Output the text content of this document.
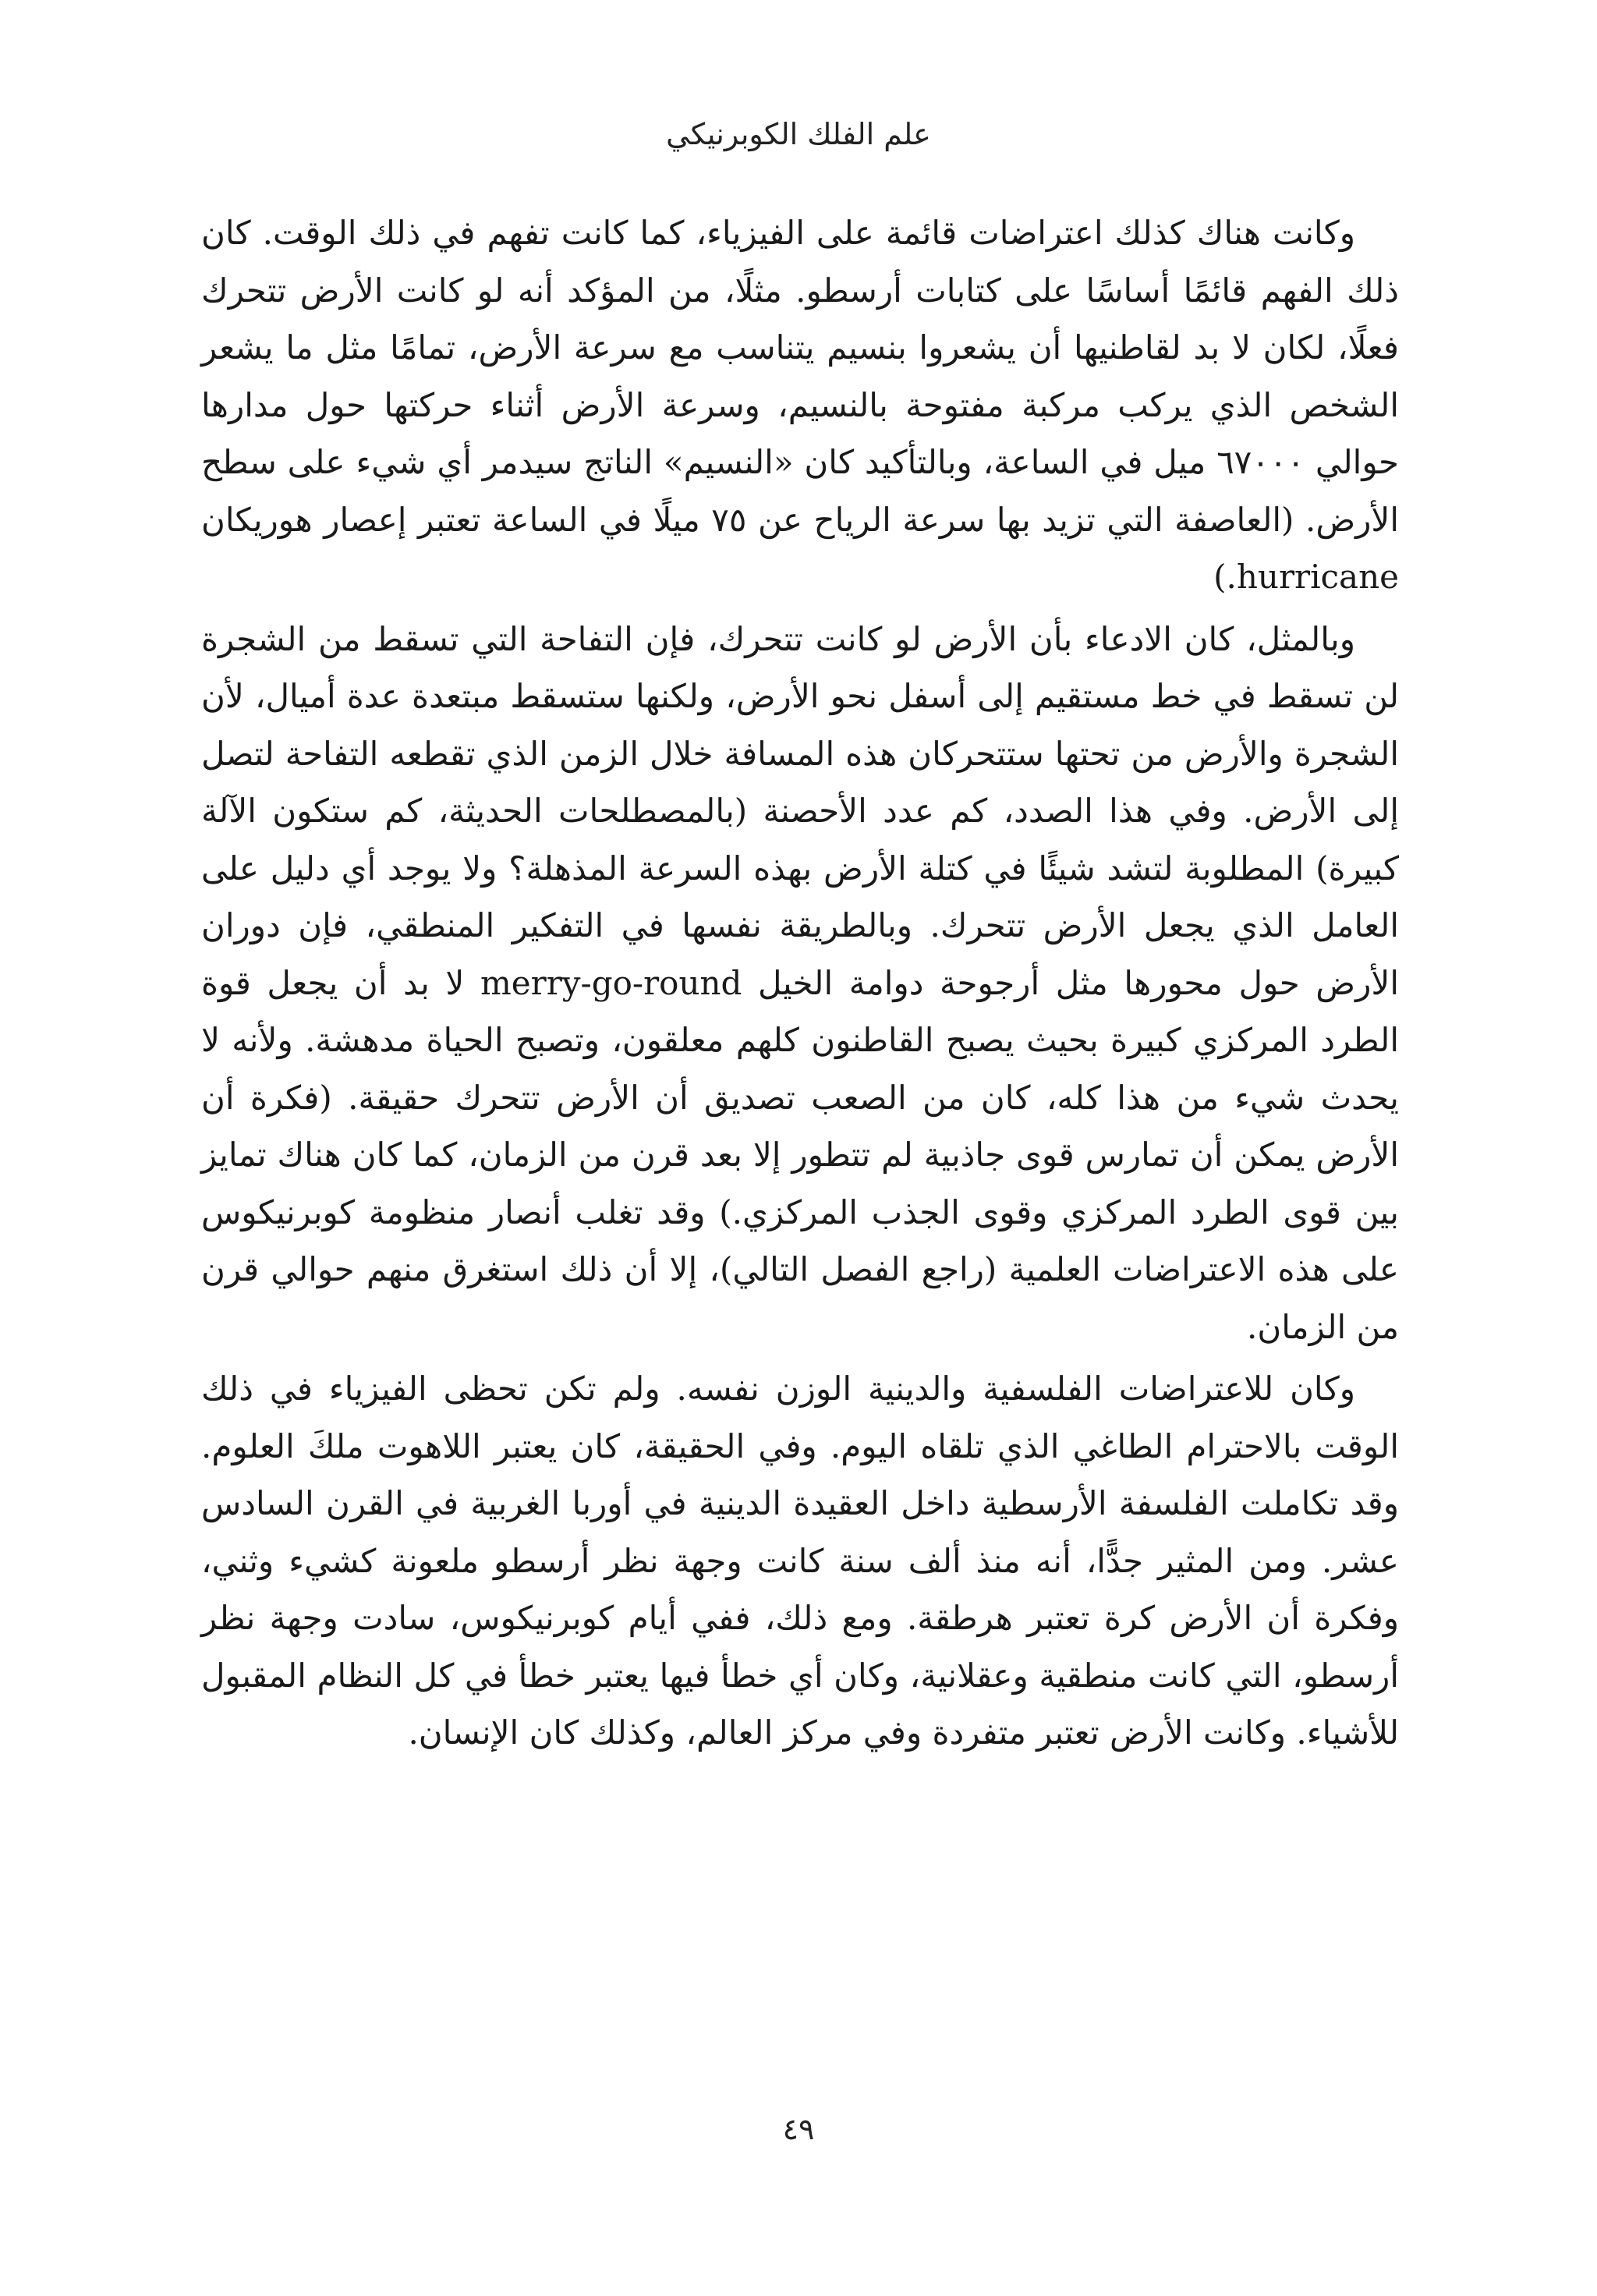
علم الفلك الكوبرنيكي

وكانت هناك كذلك اعتراضات قائمة على الفيزياء، كما كانت تفهم في ذلك الوقت. كان ذلك الفهم قائمًا أساسًا على كتابات أرسطو. مثلًا، من المؤكد أنه لو كانت الأرض تتحرك فعلًا، لكان لا بد لقاطنيها أن يشعروا بنسيم يتناسب مع سرعة الأرض، تمامًا مثل ما يشعر الشخص الذي يركب مركبة مفتوحة بالنسيم، وسرعة الأرض أثناء حركتها حول مدارها حوالي ٦٧٠٠٠ ميل في الساعة، وبالتأكيد كان «النسيم» الناتج سيدمر أي شيء على سطح الأرض. (العاصفة التي تزيد بها سرعة الرياح عن ٧٥ ميلًا في الساعة تعتبر إعصار هوريكان hurricane.)

وبالمثل، كان الادعاء بأن الأرض لو كانت تتحرك، فإن التفاحة التي تسقط من الشجرة لن تسقط في خط مستقيم إلى أسفل نحو الأرض، ولكنها ستسقط مبتعدة عدة أميال، لأن الشجرة والأرض من تحتها ستتحركان هذه المسافة خلال الزمن الذي تقطعه التفاحة لتصل إلى الأرض. وفي هذا الصدد، كم عدد الأحصنة (بالمصطلحات الحديثة، كم ستكون الآلة كبيرة) المطلوبة لتشد شيئًا في كتلة الأرض بهذه السرعة المذهلة؟ ولا يوجد أي دليل على العامل الذي يجعل الأرض تتحرك. وبالطريقة نفسها في التفكير المنطقي، فإن دوران الأرض حول محورها مثل أرجوحة دوامة الخيل merry-go-round لا بد أن يجعل قوة الطرد المركزي كبيرة بحيث يصبح القاطنون كلهم معلقون، وتصبح الحياة مدهشة. ولأنه لا يحدث شيء من هذا كله، كان من الصعب تصديق أن الأرض تتحرك حقيقة. (فكرة أن الأرض يمكن أن تمارس قوى جاذبية لم تتطور إلا بعد قرن من الزمان، كما كان هناك تمايز بين قوى الطرد المركزي وقوى الجذب المركزي.) وقد تغلب أنصار منظومة كوبرنيكوس على هذه الاعتراضات العلمية (راجع الفصل التالي)، إلا أن ذلك استغرق منهم حوالي قرن من الزمان.

وكان للاعتراضات الفلسفية والدينية الوزن نفسه. ولم تكن تحظى الفيزياء في ذلك الوقت بالاحترام الطاغي الذي تلقاه اليوم. وفي الحقيقة، كان يعتبر اللاهوت ملكَ العلوم. وقد تكاملت الفلسفة الأرسطية داخل العقيدة الدينية في أوربا الغربية في القرن السادس عشر. ومن المثير جدًّا، أنه منذ ألف سنة كانت وجهة نظر أرسطو ملعونة كشيء وثني، وفكرة أن الأرض كرة تعتبر هرطقة. ومع ذلك، ففي أيام كوبرنيكوس، سادت وجهة نظر أرسطو، التي كانت منطقية وعقلانية، وكان أي خطأ فيها يعتبر خطأ في كل النظام المقبول للأشياء. وكانت الأرض تعتبر متفردة وفي مركز العالم، وكذلك كان الإنسان.

٤٩
